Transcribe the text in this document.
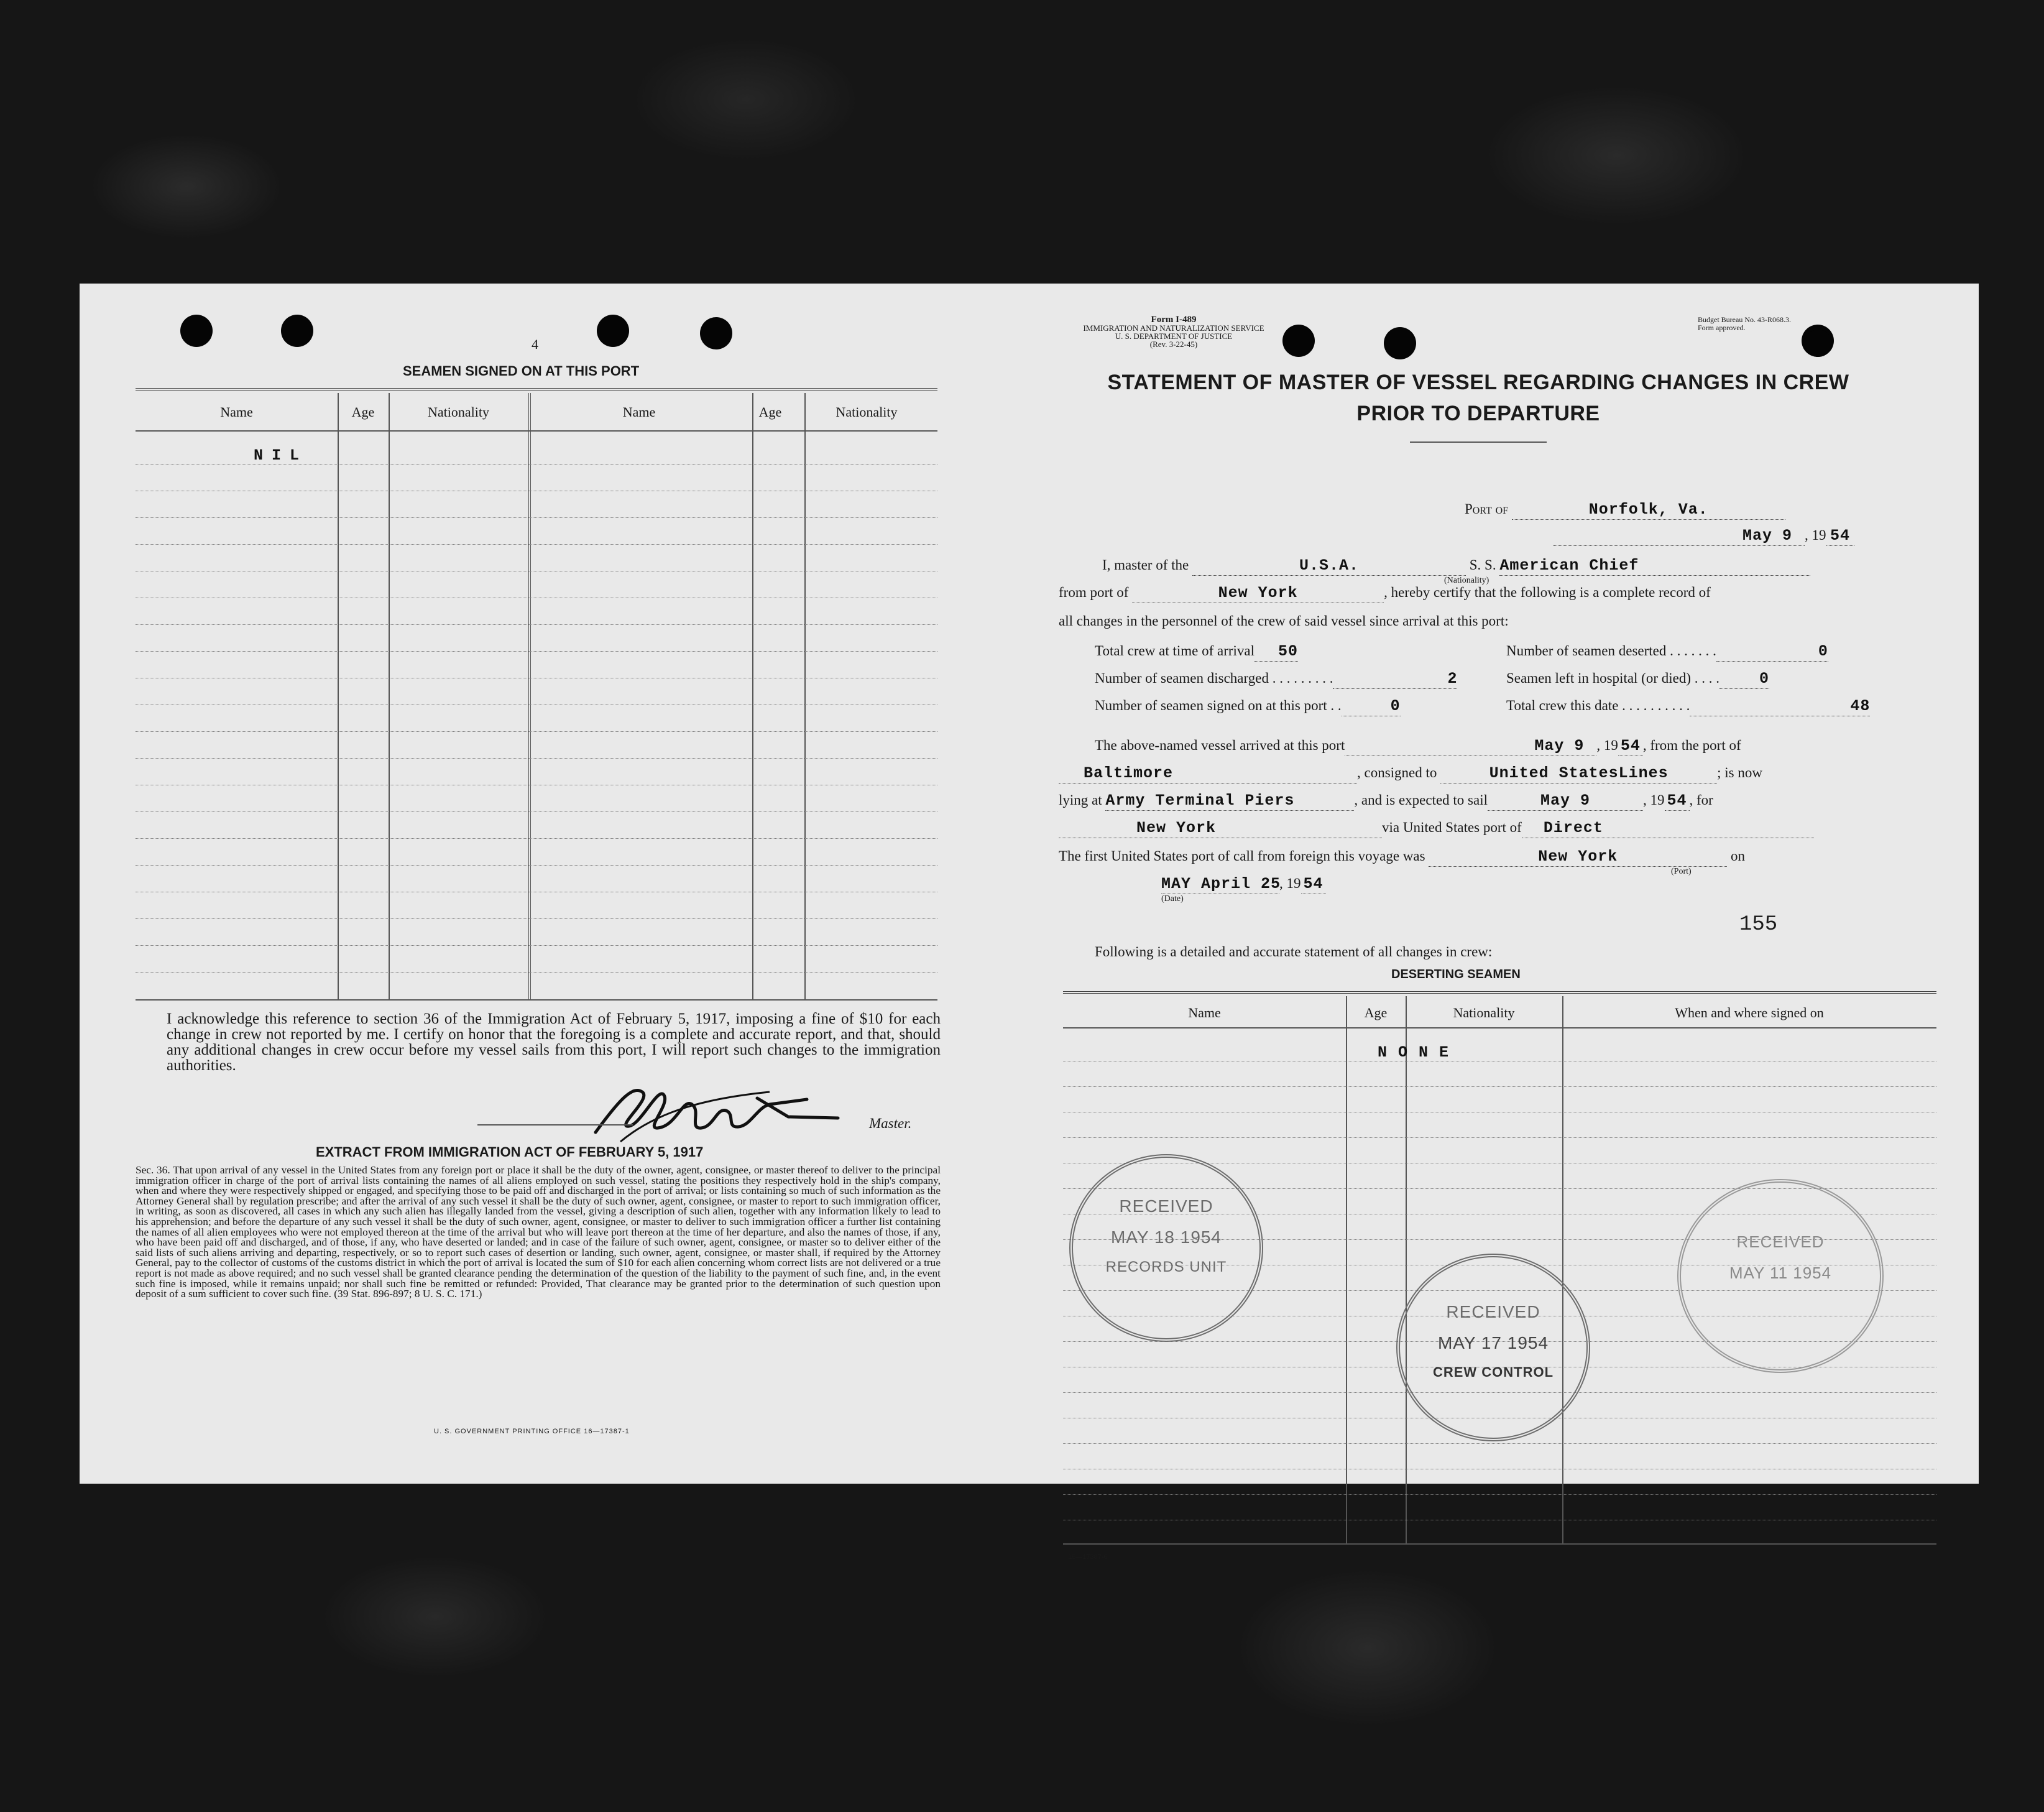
4
SEAMEN SIGNED ON AT THIS PORT
Name	Age	Nationality	Name	Age	Nationality
NIL
I acknowledge this reference to section 36 of the Immigration Act of February 5, 1917, imposing a fine of $10 for each change in crew not reported by me. I certify on honor that the foregoing is a complete and accurate report, and that, should any additional changes in crew occur before my vessel sails from this port, I will report such changes to the immigration authorities.
Master.
EXTRACT FROM IMMIGRATION ACT OF FEBRUARY 5, 1917
Sec. 36. That upon arrival of any vessel in the United States from any foreign port or place it shall be the duty of the owner, agent, consignee, or master thereof to deliver to the principal immigration officer in charge of the port of arrival lists containing the names of all aliens employed on such vessel, stating the positions they respectively hold in the ship's company, when and where they were respectively shipped or engaged, and specifying those to be paid off and discharged in the port of arrival; or lists containing so much of such information as the Attorney General shall by regulation prescribe; and after the arrival of any such vessel it shall be the duty of such owner, agent, consignee, or master to report to such immigration officer, in writing, as soon as discovered, all cases in which any such alien has illegally landed from the vessel, giving a description of such alien, together with any information likely to lead to his apprehension; and before the departure of any such vessel it shall be the duty of such owner, agent, consignee, or master to deliver to such immigration officer a further list containing the names of all alien employees who were not employed thereon at the time of the arrival but who will leave port thereon at the time of her departure, and also the names of those, if any, who have been paid off and discharged, and of those, if any, who have deserted or landed; and in case of the failure of such owner, agent, consignee, or master so to deliver either of the said lists of such aliens arriving and departing, respectively, or so to report such cases of desertion or landing, such owner, agent, consignee, or master shall, if required by the Attorney General, pay to the collector of customs of the customs district in which the port of arrival is located the sum of $10 for each alien concerning whom correct lists are not delivered or a true report is not made as above required; and no such vessel shall be granted clearance pending the determination of the question of the liability to the payment of such fine, and, in the event such fine is imposed, while it remains unpaid; nor shall such fine be remitted or refunded: Provided, That clearance may be granted prior to the determination of such question upon deposit of a sum sufficient to cover such fine. (39 Stat. 896-897; 8 U. S. C. 171.)
U. S. GOVERNMENT PRINTING OFFICE 16—17387-1
Form I-489
IMMIGRATION AND NATURALIZATION SERVICE
U. S. DEPARTMENT OF JUSTICE
(Rev. 3-22-45)
Budget Bureau No. 43-R068.3.
Form approved.
STATEMENT OF MASTER OF VESSEL REGARDING CHANGES IN CREW
PRIOR TO DEPARTURE
Port of	Norfolk, Va.
May 9 , 19 54
I, master of the	U.S.A.	S. S. American Chief
(Nationality)
from port of	New York	, hereby certify that the following is a complete record of
all changes in the personnel of the crew of said vessel since arrival at this port:
Total crew at time of arrival 50	Number of seamen deserted . . . . . . .	0
Number of seamen discharged . . . . . . . . .	2	Seamen left in hospital (or died) . . . .	0
Number of seamen signed on at this port . .	0	Total crew this date . . . . . . . . . .	48
The above-named vessel arrived at this port	May 9 , 19 54 , from the port of
Baltimore	, consigned to	United StatesLines	; is now
lying at Army Terminal Piers	, and is expected to sail	May 9	, 19 54 , for
New York	via United States port of Direct
The first United States port of call from foreign this voyage was	New York	on
(Port)
MAY April 25, 19 54
(Date)
155
Following is a detailed and accurate statement of all changes in crew:
DESERTING SEAMEN
Name	Age	Nationality	When and where signed on
NONE
16—17387-6
RECEIVED
MAY 18 1954
RECORDS UNIT
RECEIVED
MAY 17 1954
CREW CONTROL
RECEIVED
MAY 11 1954
